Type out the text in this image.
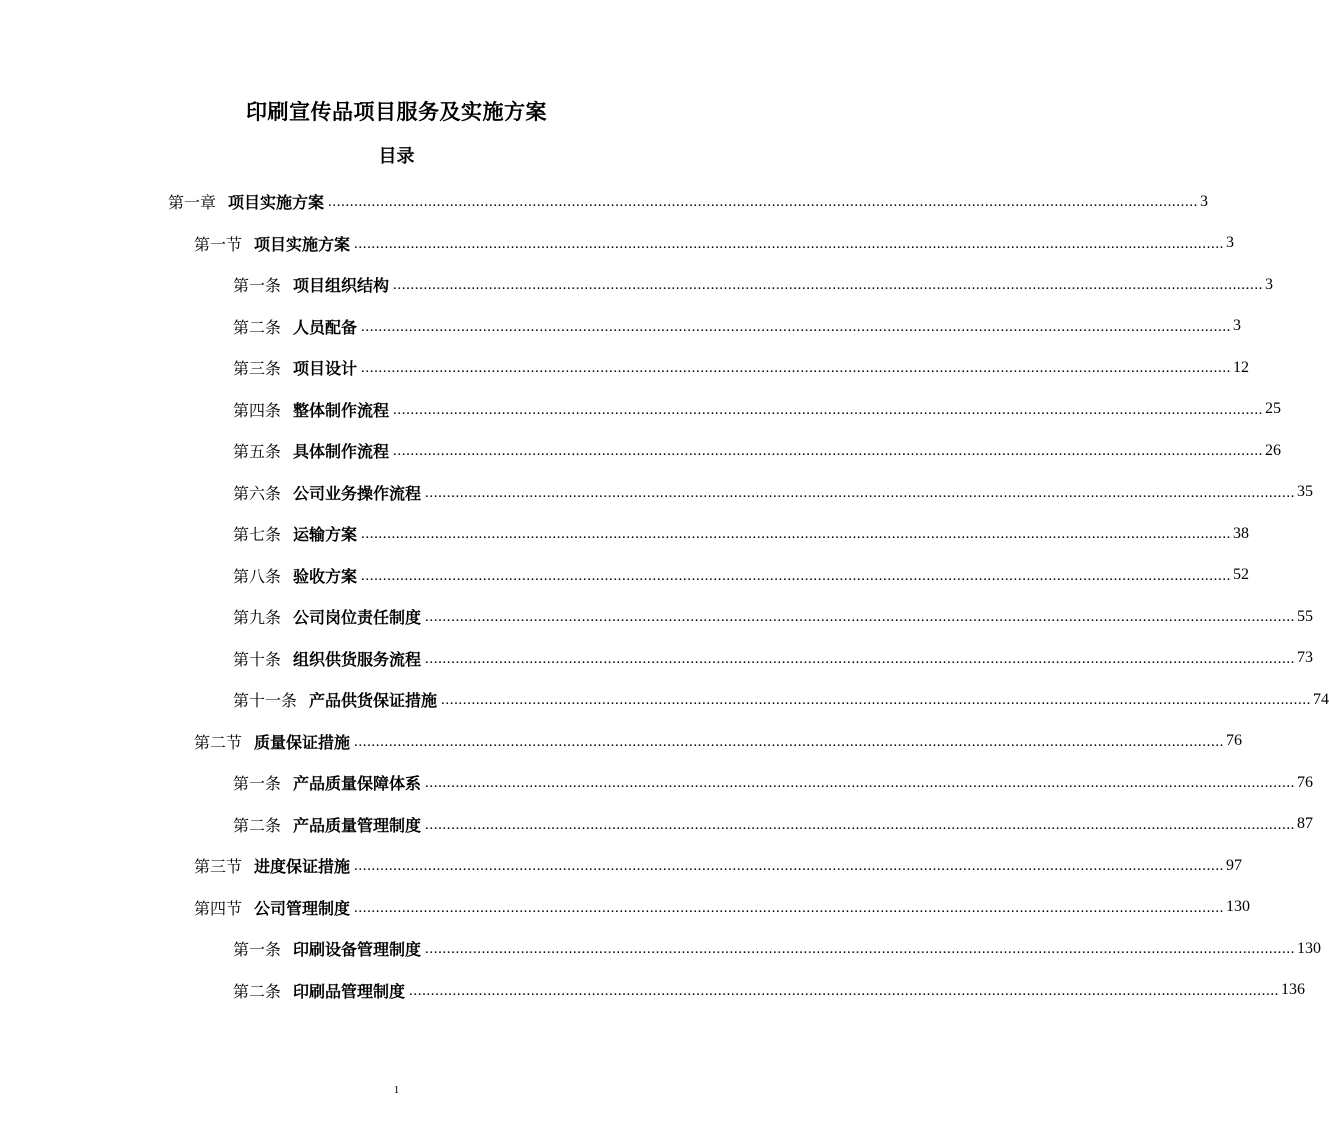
印刷宣传品项目服务及实施方案
目录
第一章 项目实施方案 ........................................................................................................................................................................................................ 3
第一节 项目实施方案 ........................................................................................................................................................................................................ 3
第一条 项目组织结构 ........................................................................................................................................................................................................ 3
第二条 人员配备 ........................................................................................................................................................................................................ 3
第三条 项目设计 ........................................................................................................................................................................................................ 12
第四条 整体制作流程 ........................................................................................................................................................................................................ 25
第五条 具体制作流程 ........................................................................................................................................................................................................ 26
第六条 公司业务操作流程 ........................................................................................................................................................................................................ 35
第七条 运输方案 ........................................................................................................................................................................................................ 38
第八条 验收方案 ........................................................................................................................................................................................................ 52
第九条 公司岗位责任制度 ........................................................................................................................................................................................................ 55
第十条 组织供货服务流程 ........................................................................................................................................................................................................ 73
第十一条 产品供货保证措施 ........................................................................................................................................................................................................ 74
第二节 质量保证措施 ........................................................................................................................................................................................................ 76
第一条 产品质量保障体系 ........................................................................................................................................................................................................ 76
第二条 产品质量管理制度 ........................................................................................................................................................................................................ 87
第三节 进度保证措施 ........................................................................................................................................................................................................ 97
第四节 公司管理制度 ........................................................................................................................................................................................................ 130
第一条 印刷设备管理制度 ........................................................................................................................................................................................................ 130
第二条 印刷品管理制度 ........................................................................................................................................................................................................ 136
1
